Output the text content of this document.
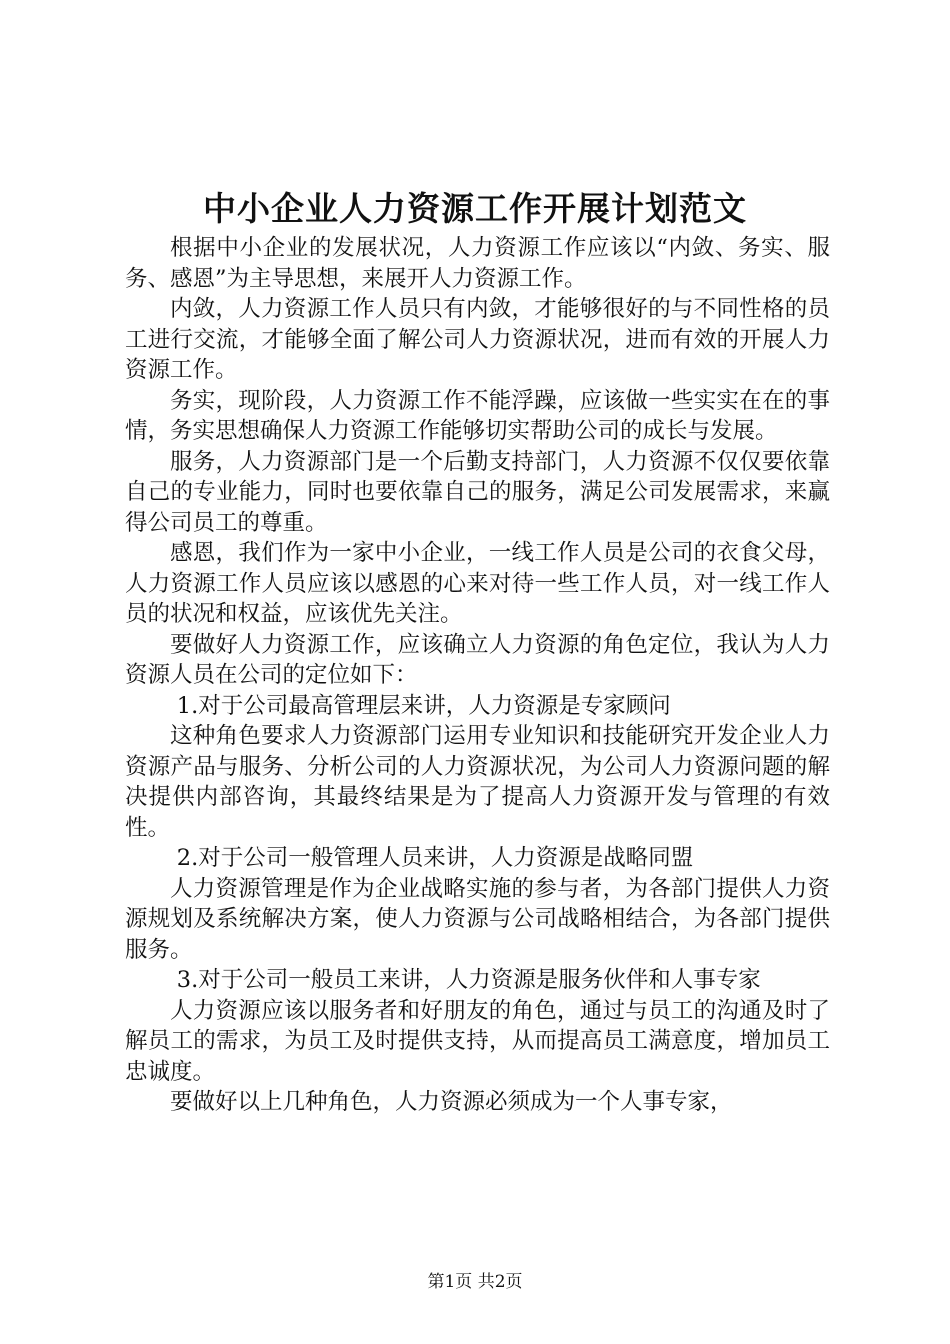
中小企业人力资源工作开展计划范文

根据中小企业的发展状况，人力资源工作应该以“内敛、务实、服务、感恩”为主导思想，来展开人力资源工作。

内敛，人力资源工作人员只有内敛，才能够很好的与不同性格的员工进行交流，才能够全面了解公司人力资源状况，进而有效的开展人力资源工作。

务实，现阶段，人力资源工作不能浮躁，应该做一些实实在在的事情，务实思想确保人力资源工作能够切实帮助公司的成长与发展。

服务，人力资源部门是一个后勤支持部门，人力资源不仅仅要依靠自己的专业能力，同时也要依靠自己的服务，满足公司发展需求，来赢得公司员工的尊重。

感恩，我们作为一家中小企业，一线工作人员是公司的衣食父母，人力资源工作人员应该以感恩的心来对待一些工作人员，对一线工作人员的状况和权益，应该优先关注。

要做好人力资源工作，应该确立人力资源的角色定位，我认为人力资源人员在公司的定位如下：

1.对于公司最高管理层来讲，人力资源是专家顾问

这种角色要求人力资源部门运用专业知识和技能研究开发企业人力资源产品与服务、分析公司的人力资源状况，为公司人力资源问题的解决提供内部咨询，其最终结果是为了提高人力资源开发与管理的有效性。

2.对于公司一般管理人员来讲，人力资源是战略同盟

人力资源管理是作为企业战略实施的参与者，为各部门提供人力资源规划及系统解决方案，使人力资源与公司战略相结合，为各部门提供服务。

3.对于公司一般员工来讲，人力资源是服务伙伴和人事专家

人力资源应该以服务者和好朋友的角色，通过与员工的沟通及时了解员工的需求，为员工及时提供支持，从而提高员工满意度，增加员工忠诚度。

要做好以上几种角色，人力资源必须成为一个人事专家，

第1页 共2页
